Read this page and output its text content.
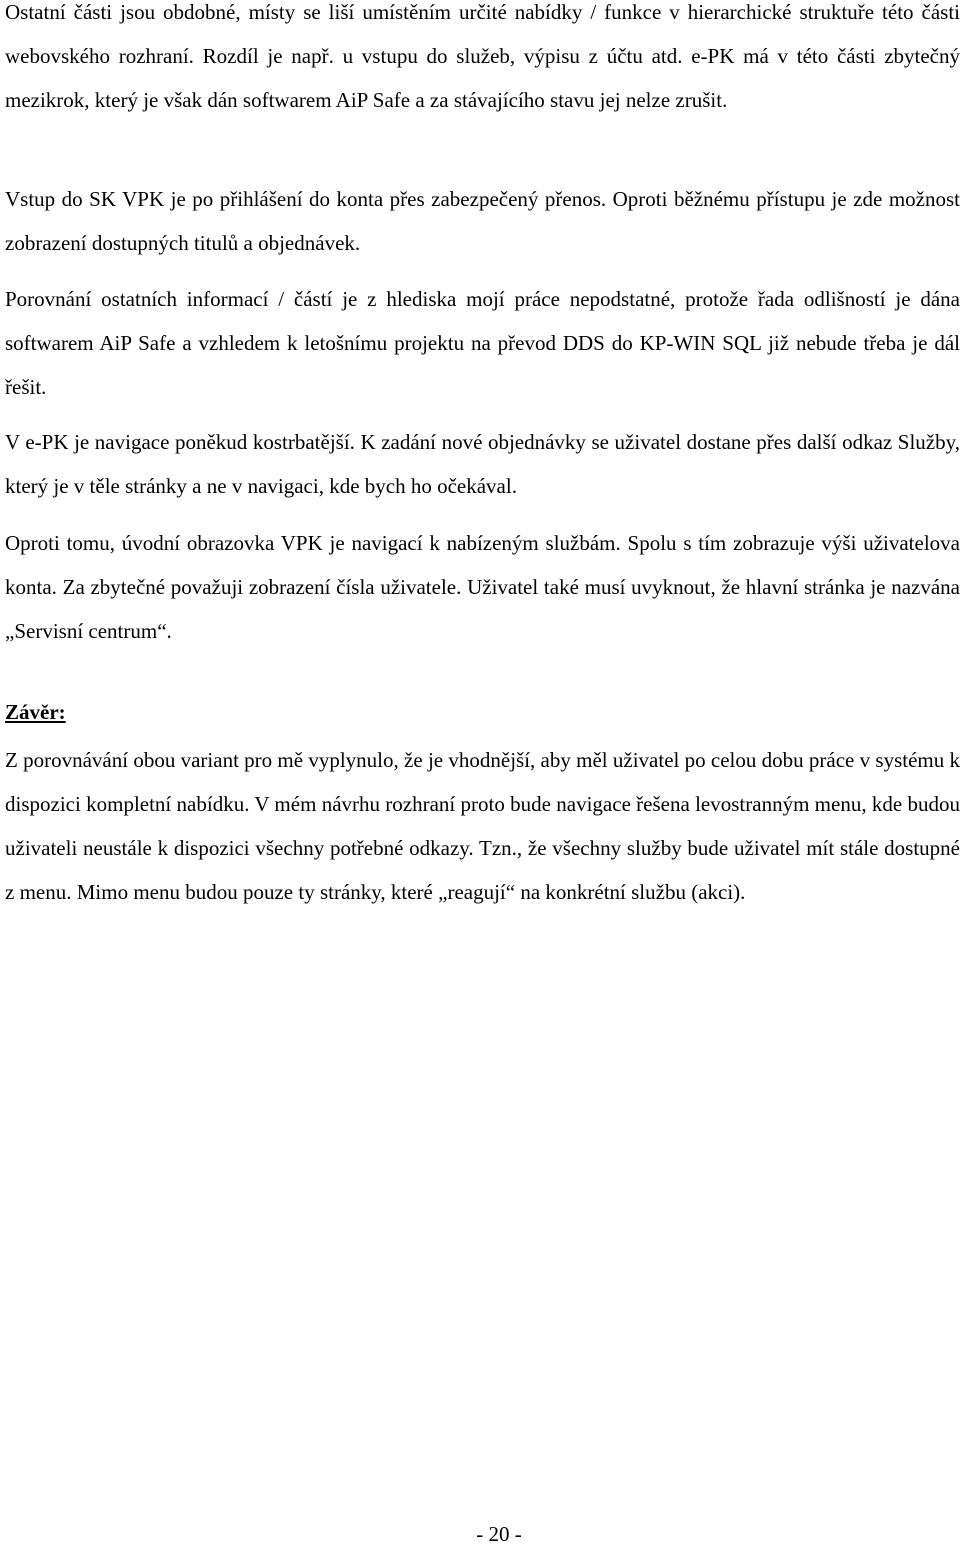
Ostatní části jsou obdobné, místy se liší umístěním určité nabídky / funkce v hierarchické struktuře této části webovského rozhraní. Rozdíl je např. u vstupu do služeb, výpisu z účtu atd. e-PK má v této části zbytečný mezikrok, který je však dán softwarem AiP Safe a za stávajícího stavu jej nelze zrušit.

Vstup do SK VPK je po přihlášení do konta přes zabezpečený přenos. Oproti běžnému přístupu je zde možnost zobrazení dostupných titulů a objednávek.

Porovnání ostatních informací / částí je z hlediska mojí práce nepodstatné, protože řada odlišností je dána softwarem AiP Safe a vzhledem k letošnímu projektu na převod DDS do KP-WIN SQL již nebude třeba je dál řešit.

V e-PK je navigace poněkud kostrbatější. K zadání nové objednávky se uživatel dostane přes další odkaz Služby, který je v těle stránky a ne v navigaci, kde bych ho očekával.

Oproti tomu, úvodní obrazovka VPK je navigací k nabízeným službám. Spolu s tím zobrazuje výši uživatelova konta. Za zbytečné považuji zobrazení čísla uživatele. Uživatel také musí uvyknout, že hlavní stránka je nazvána „Servisní centrum“.

Závěr:

Z porovnávání obou variant pro mě vyplynulo, že je vhodnější, aby měl uživatel po celou dobu práce v systému k dispozici kompletní nabídku. V mém návrhu rozhraní proto bude navigace řešena levostranným menu, kde budou uživateli neustále k dispozici všechny potřebné odkazy. Tzn., že všechny služby bude uživatel mít stále dostupné z menu. Mimo menu budou pouze ty stránky, které „reagují“ na konkrétní službu (akci).

- 20 -
